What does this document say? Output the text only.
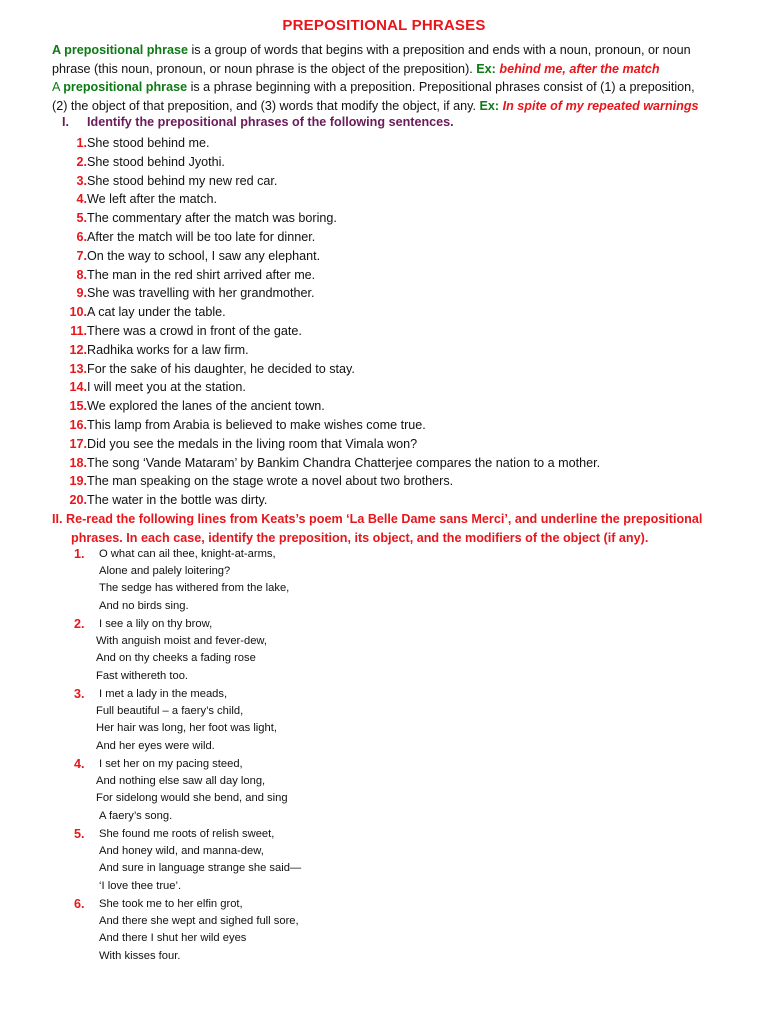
PREPOSITIONAL PHRASES
A prepositional phrase is a group of words that begins with a preposition and ends with a noun, pronoun, or noun
phrase (this noun, pronoun, or noun phrase is the object of the preposition). Ex: behind me, after the match
A prepositional phrase is a phrase beginning with a preposition. Prepositional phrases consist of (1) a preposition,
(2) the object of that preposition, and (3) words that modify the object, if any. Ex: In spite of my repeated warnings
I. Identify the prepositional phrases of the following sentences.
1. She stood behind me.
2. She stood behind Jyothi.
3. She stood behind my new red car.
4. We left after the match.
5. The commentary after the match was boring.
6. After the match will be too late for dinner.
7. On the way to school, I saw any elephant.
8. The man in the red shirt arrived after me.
9. She was travelling with her grandmother.
10. A cat lay under the table.
11. There was a crowd in front of the gate.
12. Radhika works for a law firm.
13. For the sake of his daughter, he decided to stay.
14. I will meet you at the station.
15. We explored the lanes of the ancient town.
16. This lamp from Arabia is believed to make wishes come true.
17. Did you see the medals in the living room that Vimala won?
18. The song ‘Vande Mataram’ by Bankim Chandra Chatterjee compares the nation to a mother.
19. The man speaking on the stage wrote a novel about two brothers.
20. The water in the bottle was dirty.
II. Re-read the following lines from Keats’s poem ‘La Belle Dame sans Merci’, and underline the prepositional
phrases. In each case, identify the preposition, its object, and the modifiers of the object (if any).
1. O what can ail thee, knight-at-arms,
Alone and palely loitering?
The sedge has withered from the lake,
And no birds sing.
2. I see a lily on thy brow,
With anguish moist and fever-dew,
And on thy cheeks a fading rose
Fast withereth too.
3. I met a lady in the meads,
Full beautiful – a faery’s child,
Her hair was long, her foot was light,
And her eyes were wild.
4. I set her on my pacing steed,
And nothing else saw all day long,
For sidelong would she bend, and sing
A faery’s song.
5. She found me roots of relish sweet,
And honey wild, and manna-dew,
And sure in language strange she said—
‘I love thee true’.
6. She took me to her elfin grot,
And there she wept and sighed full sore,
And there I shut her wild eyes
With kisses four.
